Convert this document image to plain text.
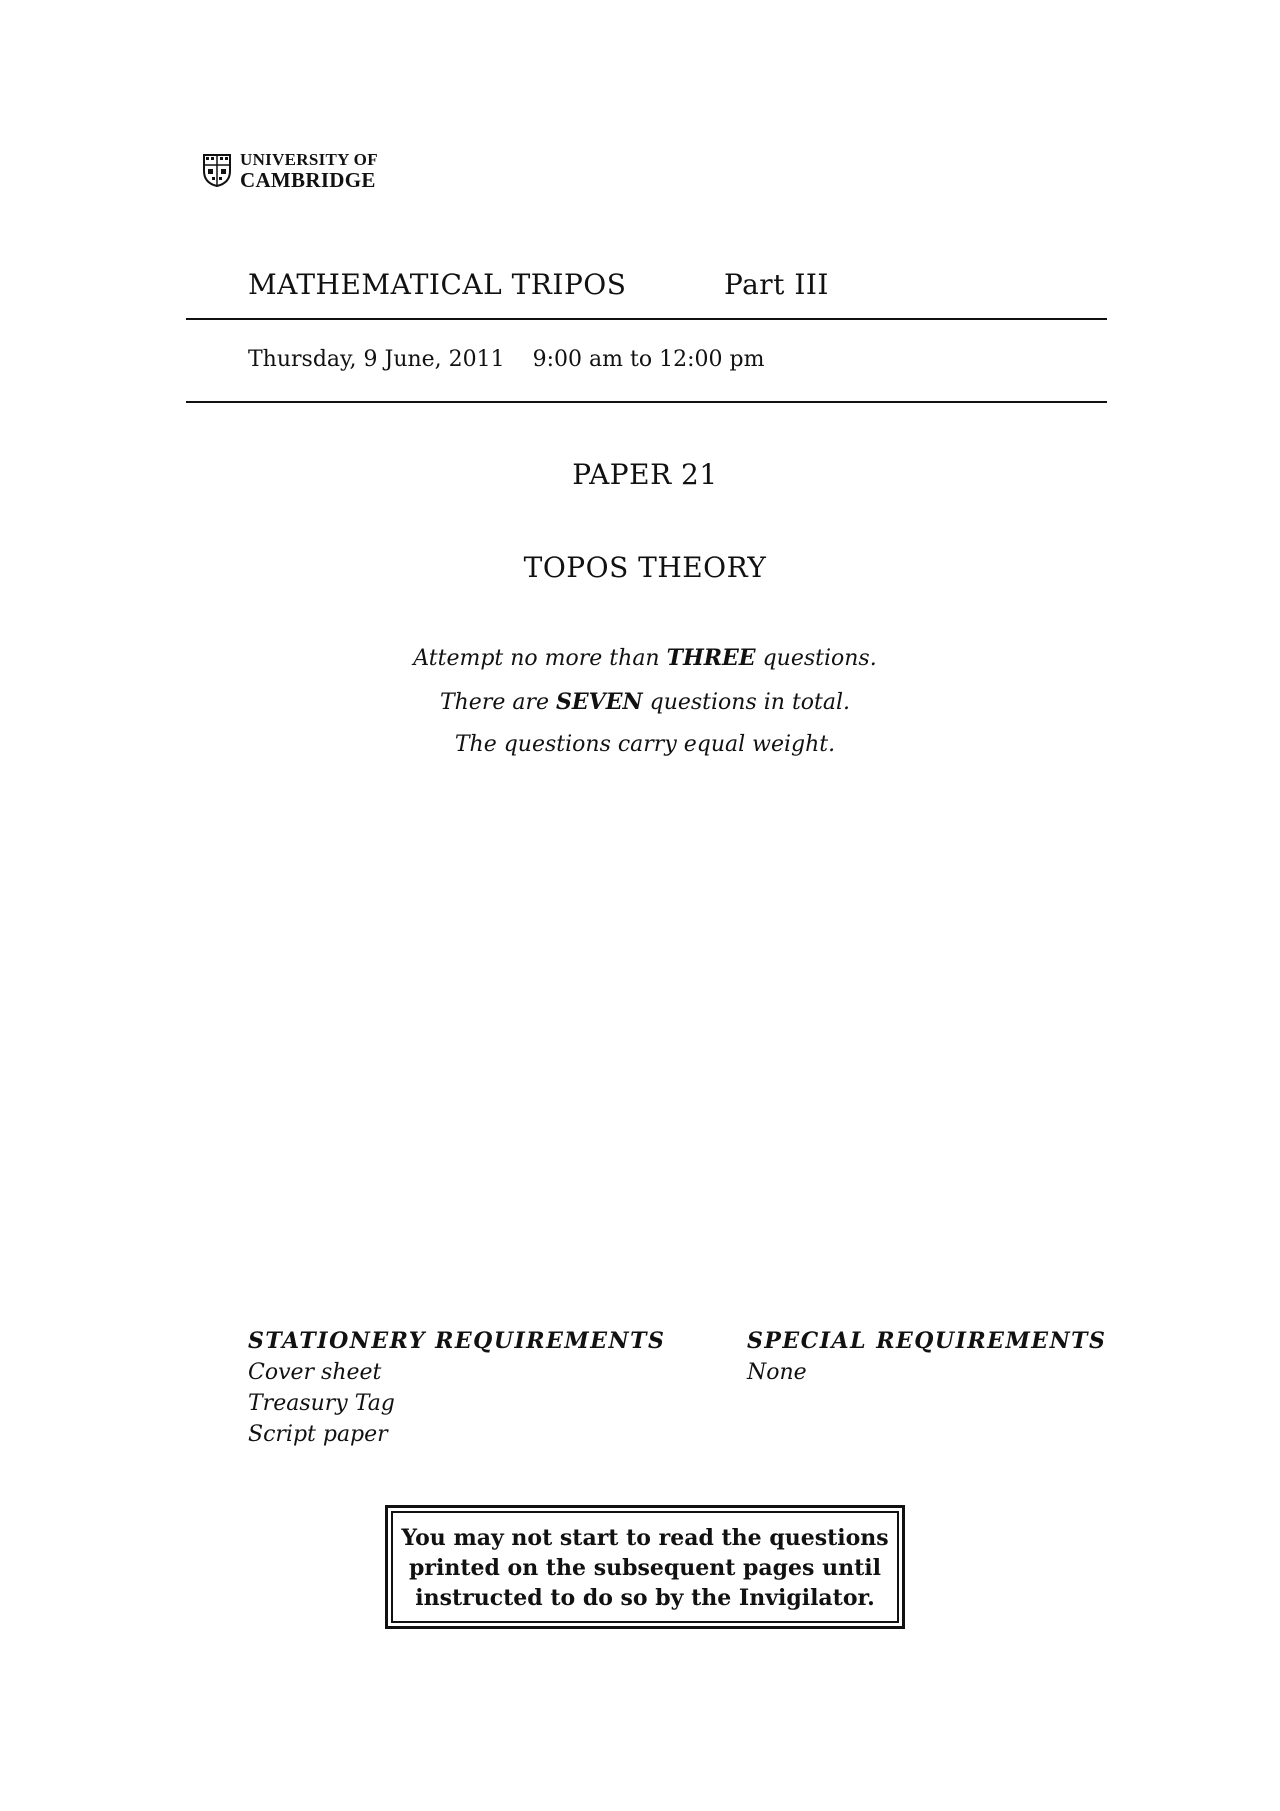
UNIVERSITY OF
CAMBRIDGE
MATHEMATICAL TRIPOS	Part III
Thursday, 9 June, 2011 9:00 am to 12:00 pm
PAPER 21
TOPOS THEORY
Attempt no more than THREE questions.
There are SEVEN questions in total.
The questions carry equal weight.
STATIONERY REQUIREMENTS
Cover sheet
Treasury Tag
Script paper
SPECIAL REQUIREMENTS
None
You may not start to read the questions
printed on the subsequent pages until
instructed to do so by the Invigilator.
